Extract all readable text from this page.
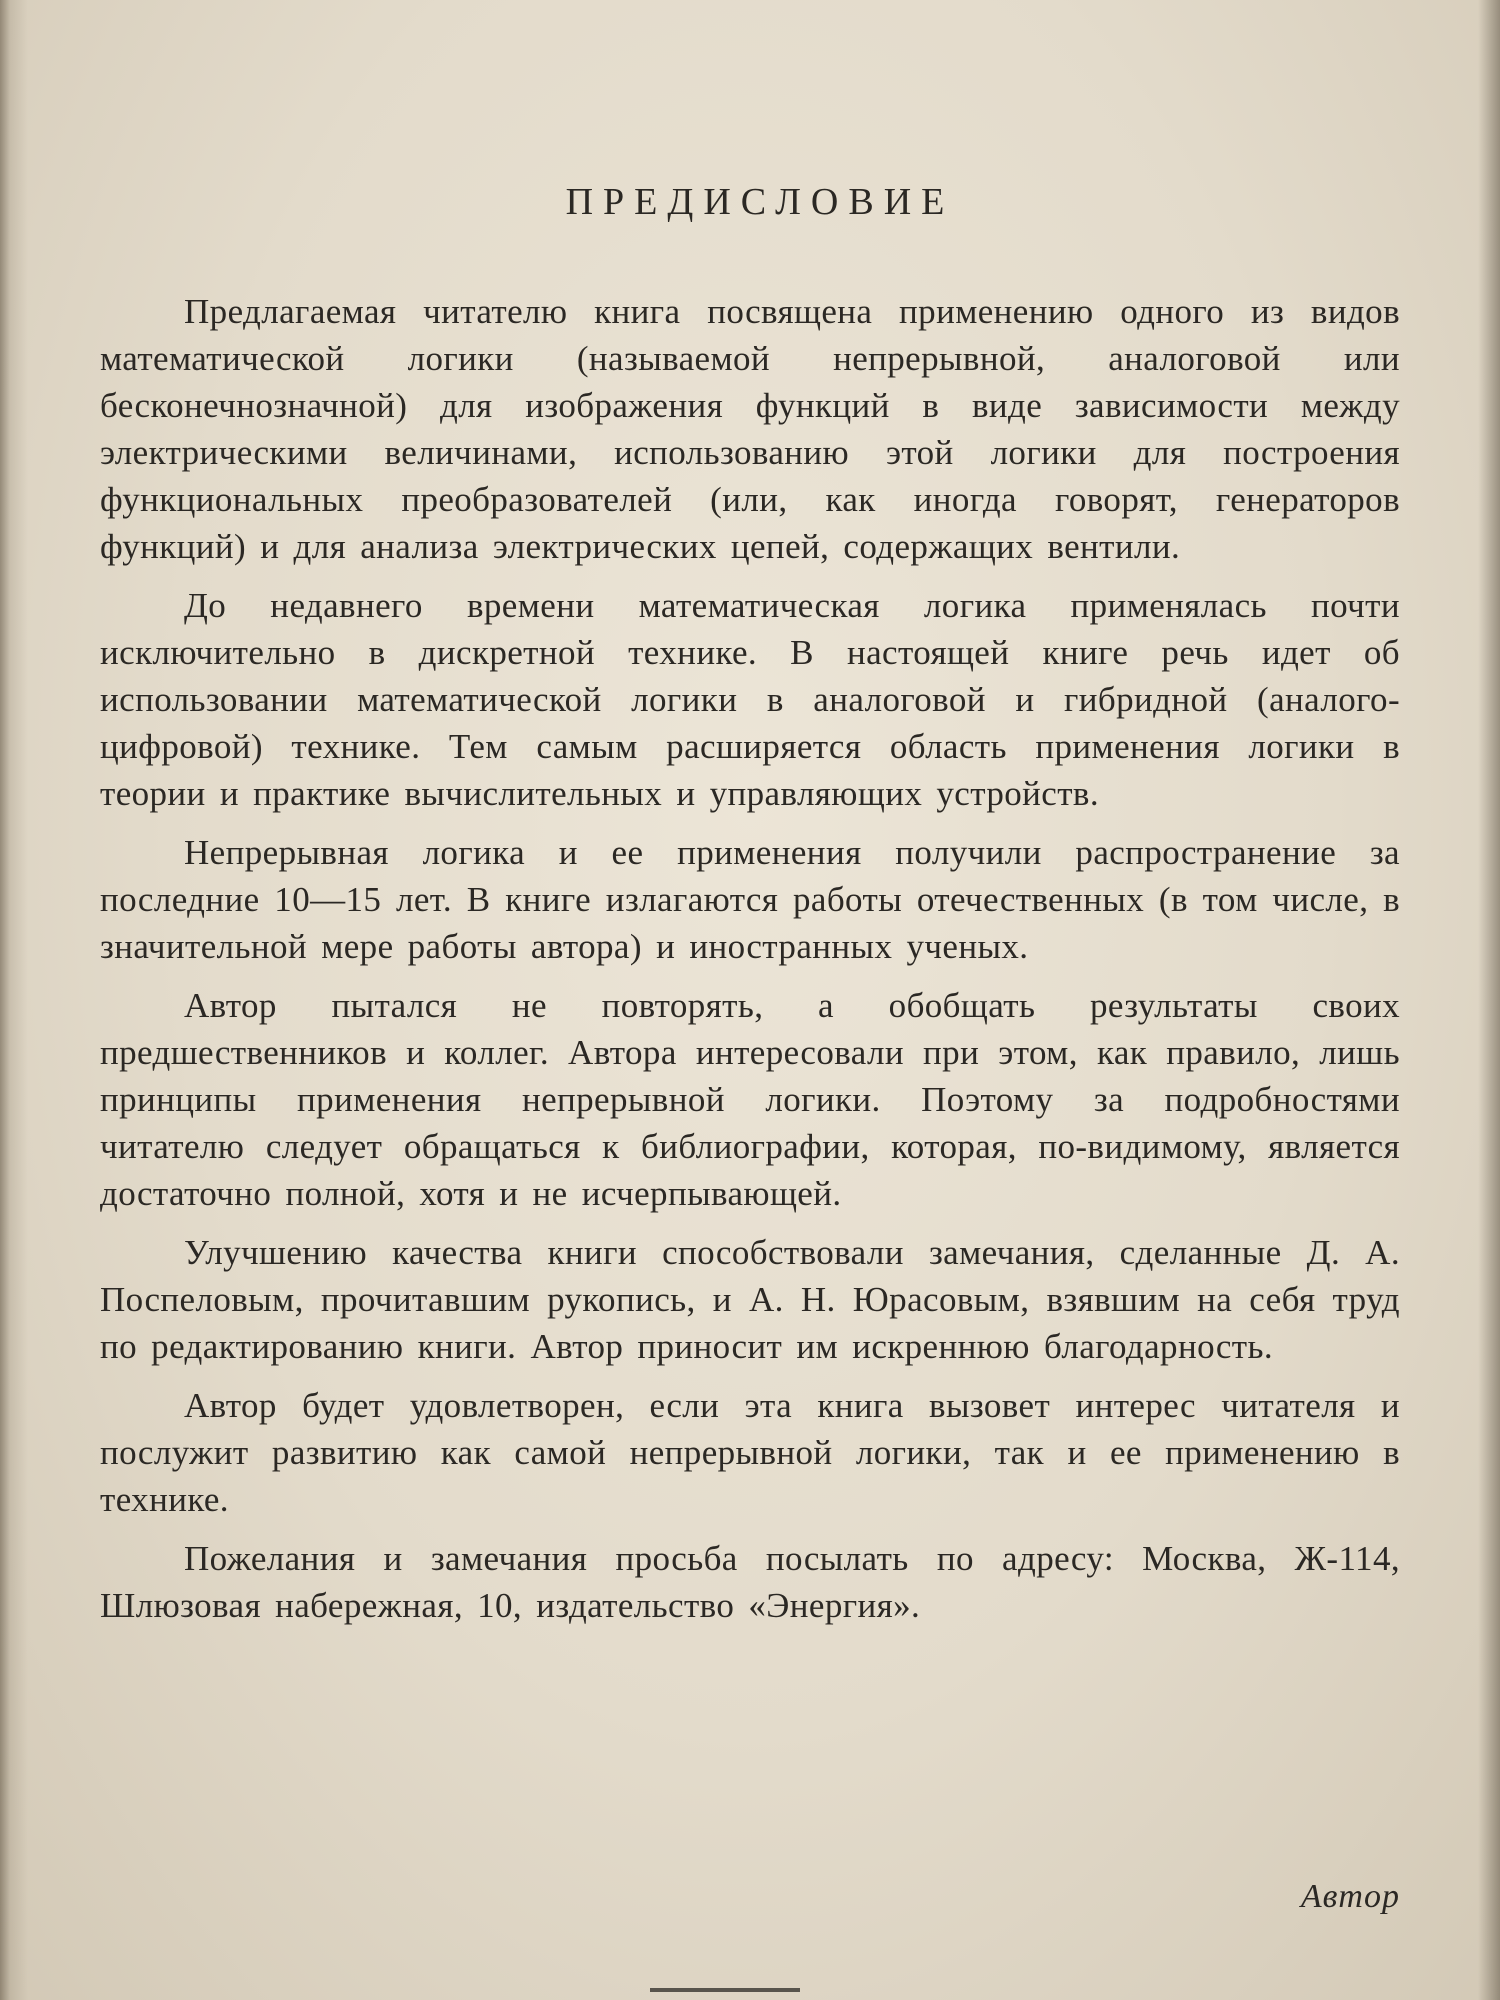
ПРЕДИСЛОВИЕ

Предлагаемая читателю книга посвящена применению одного из видов математической логики (называемой непрерывной, аналоговой или бесконечнозначной) для изображения функций в виде зависимости между электрическими величинами, использованию этой логики для построения функциональных преобразователей (или, как иногда говорят, генераторов функций) и для анализа электрических цепей, содержащих вентили.

До недавнего времени математическая логика применялась почти исключительно в дискретной технике. В настоящей книге речь идет об использовании математической логики в аналоговой и гибридной (аналого-цифровой) технике. Тем самым расширяется область применения логики в теории и практике вычислительных и управляющих устройств.

Непрерывная логика и ее применения получили распространение за последние 10—15 лет. В книге излагаются работы отечественных (в том числе, в значительной мере работы автора) и иностранных ученых.

Автор пытался не повторять, а обобщать результаты своих предшественников и коллег. Автора интересовали при этом, как правило, лишь принципы применения непрерывной логики. Поэтому за подробностями читателю следует обращаться к библиографии, которая, по-видимому, является достаточно полной, хотя и не исчерпывающей.

Улучшению качества книги способствовали замечания, сделанные Д. А. Поспеловым, прочитавшим рукопись, и А. Н. Юрасовым, взявшим на себя труд по редактированию книги. Автор приносит им искреннюю благодарность.

Автор будет удовлетворен, если эта книга вызовет интерес читателя и послужит развитию как самой непрерывной логики, так и ее применению в технике.

Пожелания и замечания просьба посылать по адресу: Москва, Ж-114, Шлюзовая набережная, 10, издательство «Энергия».

Автор
